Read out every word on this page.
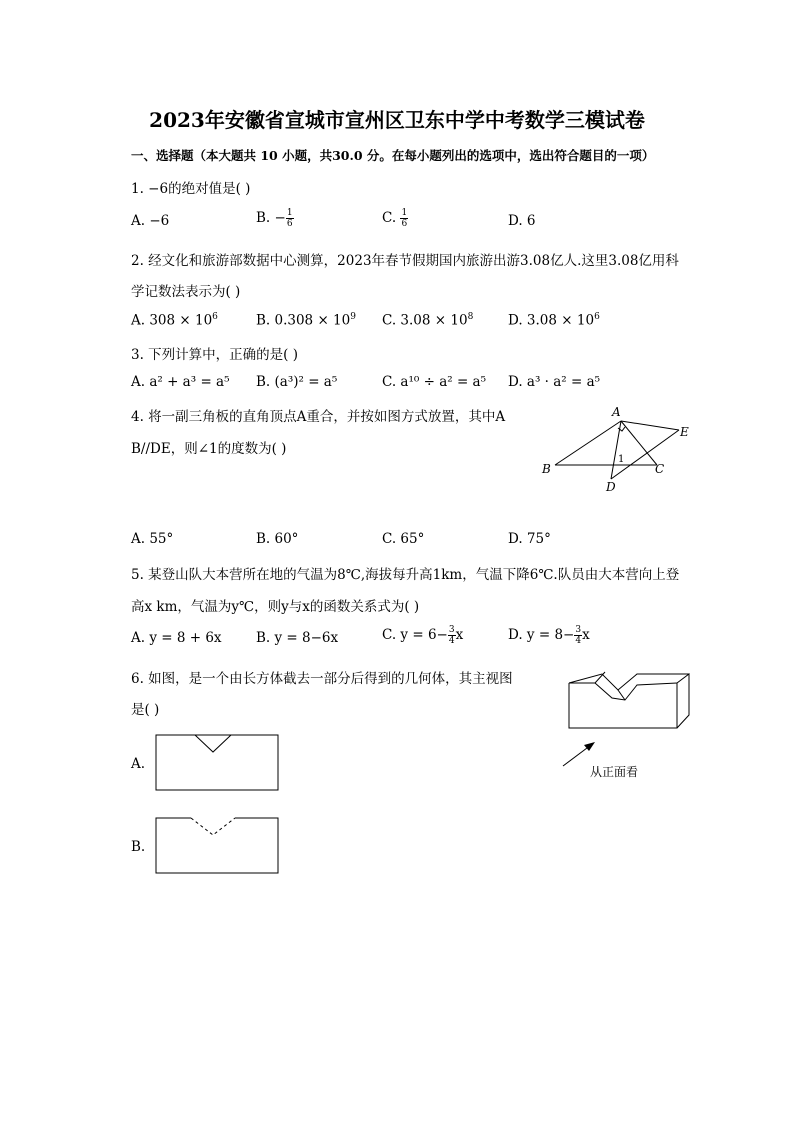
2023年安徽省宣城市宣州区卫东中学中考数学三模试卷
一、选择题（本大题共 10 小题，共30.0 分。在每小题列出的选项中，选出符合题目的一项）
1. −6的绝对值是( )
A. −6	B. − $\frac{1}{6}$	C. $\frac{1}{6}$	D. 6
2. 经文化和旅游部数据中心测算，2023年春节假期国内旅游出游3.08亿人.这里3.08亿用科
学记数法表示为( )
A. $308 \times 10^6$	B. $0.308 \times 10^9$ C. $3.08 \times 10^8$	D. $3.08 \times 10^6$
3. 下列计算中，正确的是( )
A. a² + a³ = a⁵ B. (a³)² = a⁵	C. a¹⁰ ÷ a² = a⁵ D. a³ · a² = a⁵
4. 将一副三角板的直角顶点A重合，并按如图方式放置，其中A
B//DE，则∠1的度数为( )
A
B	C
D
E
1
A. 55°	B. 60°	C. 65°	D. 75°
5. 某登山队大本营所在地的气温为8℃,海拔每升高1km，气温下降6℃.队员由大本营向上登
高x km，气温为y℃，则y与x的函数关系式为( )
A. y = 8 + 6x	B. y = 8−6x	C. $y = 6- \frac{3}{4}$ x	D. $y = 8- \frac{3}{4}$ x
6. 如图，是一个由长方体截去一部分后得到的几何体，其主视图
是( )
从正面看
A.
B.
